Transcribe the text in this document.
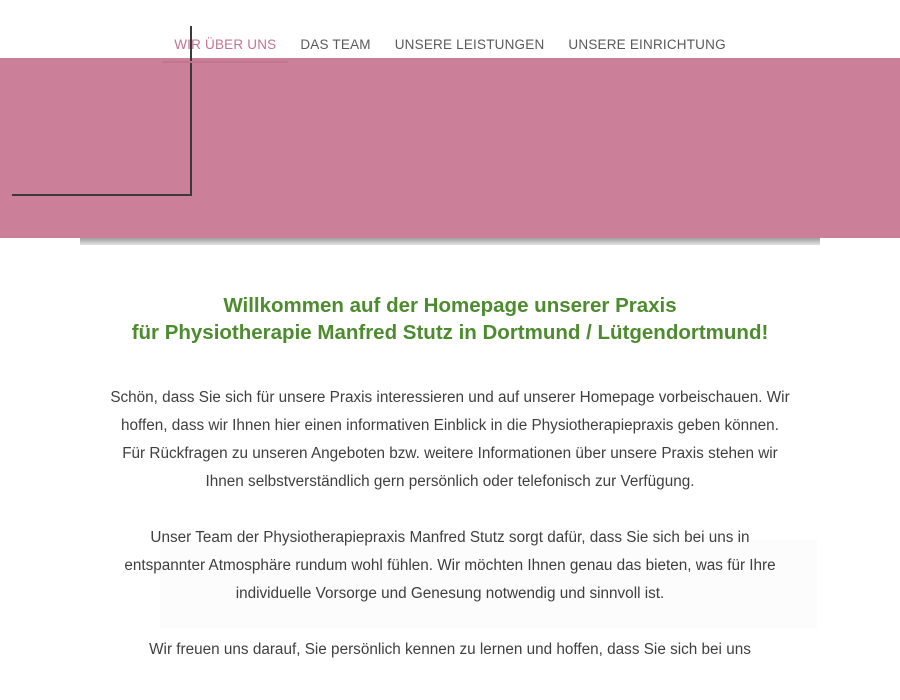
WIR ÜBER UNS	DAS TEAM	UNSERE LEISTUNGEN	UNSERE EINRICHTUNG
Willkommen auf der Homepage unserer Praxis
für Physiotherapie Manfred Stutz in Dortmund / Lütgendortmund!

Schön, dass Sie sich für unsere Praxis interessieren und auf unserer Homepage vorbeischauen. Wir hoffen, dass wir Ihnen hier einen informativen Einblick in die Physiotherapiepraxis geben können. Für Rückfragen zu unseren Angeboten bzw. weitere Informationen über unsere Praxis stehen wir Ihnen selbstverständlich gern persönlich oder telefonisch zur Verfügung.

Unser Team der Physiotherapiepraxis Manfred Stutz sorgt dafür, dass Sie sich bei uns in entspannter Atmosphäre rundum wohl fühlen. Wir möchten Ihnen genau das bieten, was für Ihre individuelle Vorsorge und Genesung notwendig und sinnvoll ist.

Wir freuen uns darauf, Sie persönlich kennen zu lernen und hoffen, dass Sie sich bei uns
